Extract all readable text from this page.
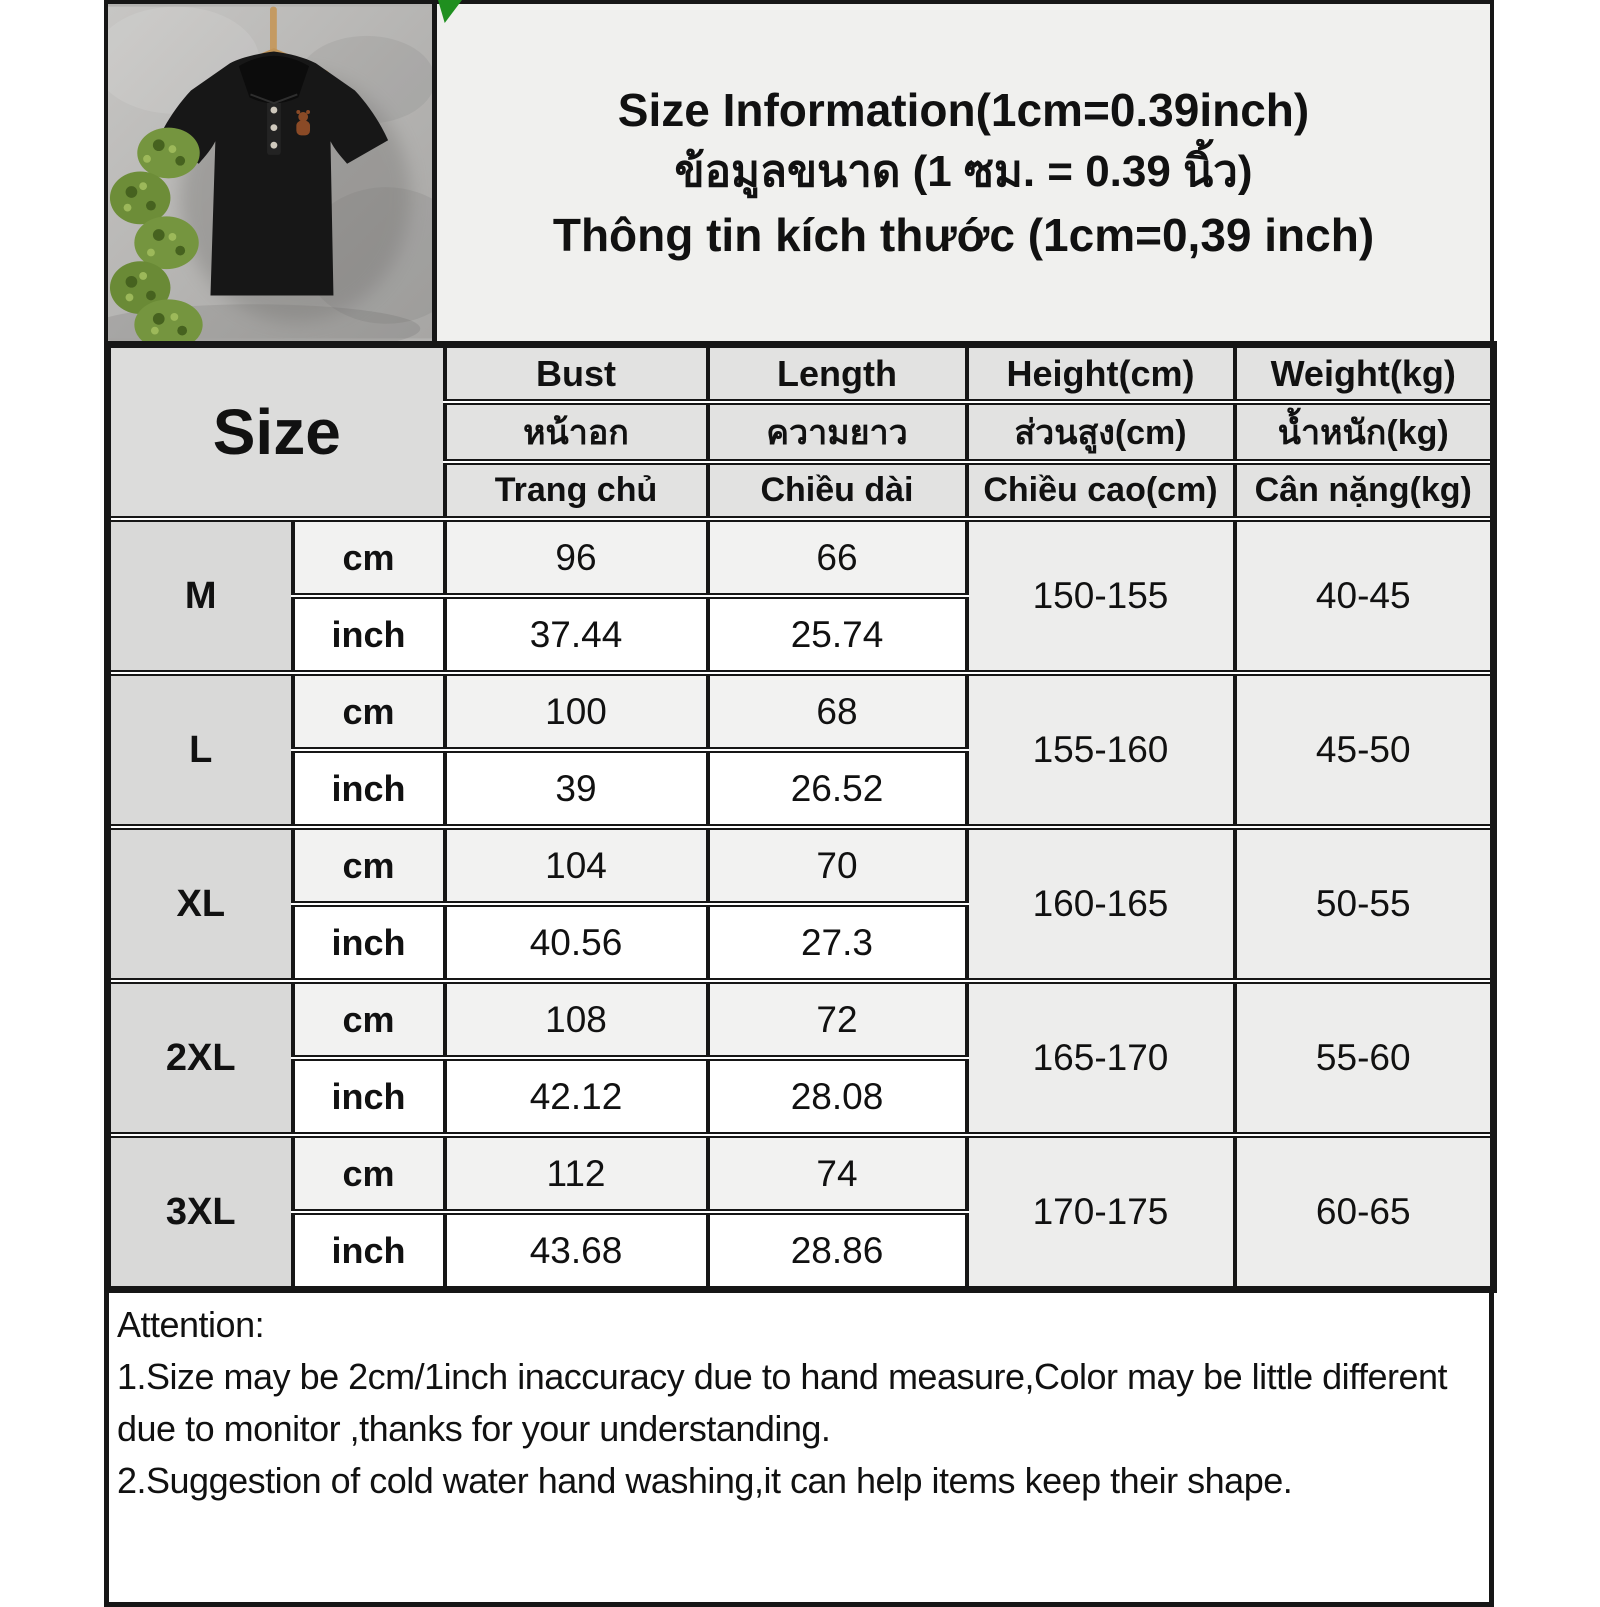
Size Information(1cm=0.39inch)
ข้อมูลขนาด (1 ซม. = 0.39 นิ้ว)
Thông tin kích thước (1cm=0,39 inch)
Size		Bust	Length	Height(cm)	Weight(kg)
		หน้าอก	ความยาว	ส่วนสูง(cm)	น้ำหนัก(kg)
		Trang chủ	Chiều dài	Chiều cao(cm)	Cân nặng(kg)
M	cm	96	66	150-155	40-45
	inch	37.44	25.74		
L	cm	100	68	155-160	45-50
	inch	39	26.52		
XL	cm	104	70	160-165	50-55
	inch	40.56	27.3		
2XL	cm	108	72	165-170	55-60
	inch	42.12	28.08		
3XL	cm	112	74	170-175	60-65
	inch	43.68	28.86		

Attention:

1.Size may be 2cm/1inch inaccuracy due to hand measure,Color may be little different due to monitor ,thanks for your understanding.

2.Suggestion of cold water hand washing,it can help items keep their shape.
